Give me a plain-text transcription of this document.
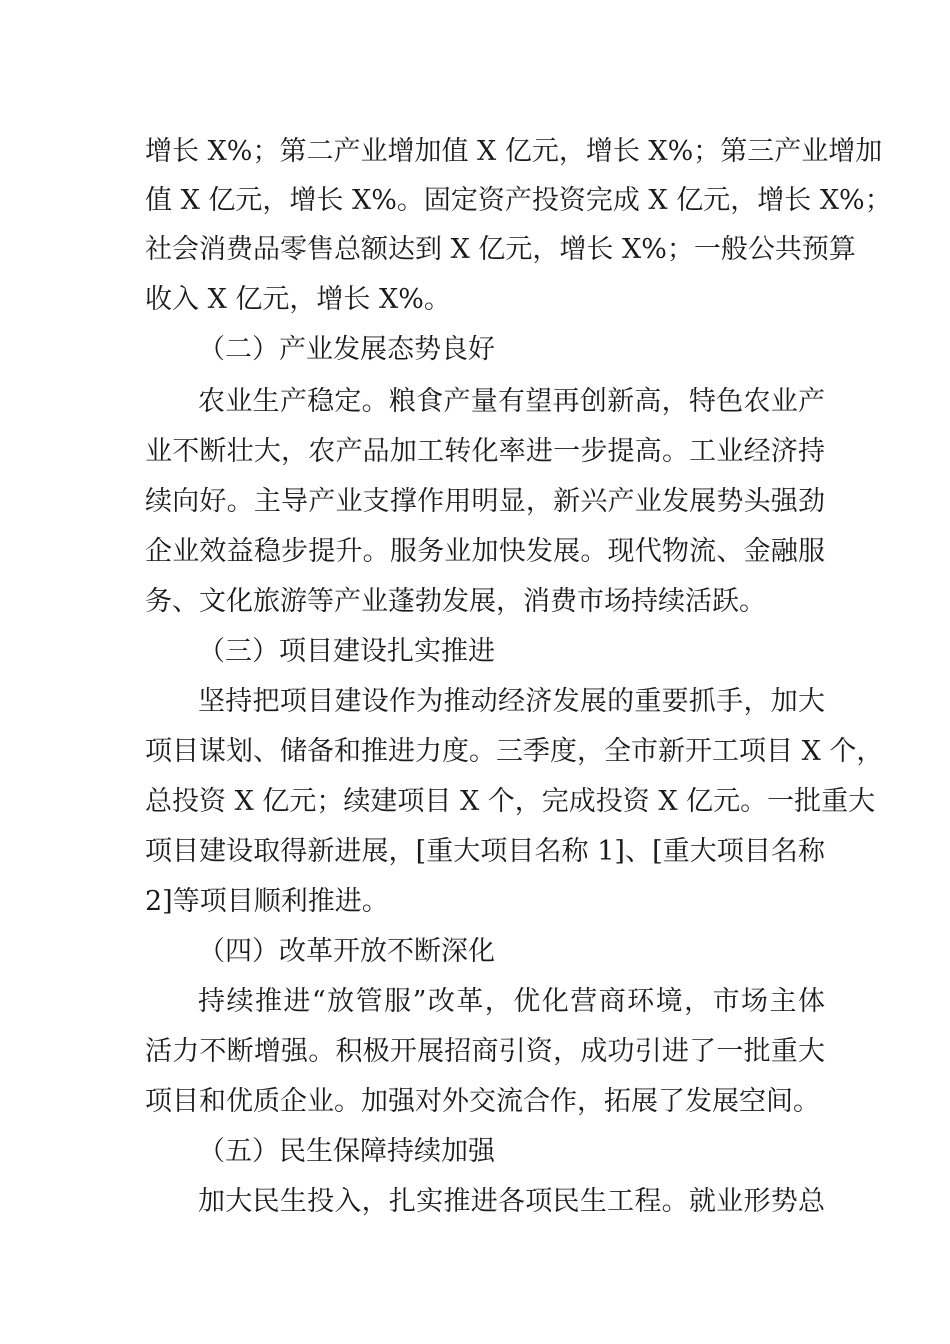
增长 X%；第二产业增加值 X 亿元，增长 X%；第三产业增加
值 X 亿元，增长 X%。固定资产投资完成 X 亿元，增长 X%；
社会消费品零售总额达到 X 亿元，增长 X%；一般公共预算
收入 X 亿元，增长 X%。
（二）产业发展态势良好
农业生产稳定。粮食产量有望再创新高，特色农业产
业不断壮大，农产品加工转化率进一步提高。工业经济持
续向好。主导产业支撑作用明显，新兴产业发展势头强劲
企业效益稳步提升。服务业加快发展。现代物流、金融服
务、文化旅游等产业蓬勃发展，消费市场持续活跃。
（三）项目建设扎实推进
坚持把项目建设作为推动经济发展的重要抓手，加大
项目谋划、储备和推进力度。三季度，全市新开工项目 X 个，
总投资 X 亿元；续建项目 X 个，完成投资 X 亿元。一批重大
项目建设取得新进展，[重大项目名称 1]、[重大项目名称
2]等项目顺利推进。
（四）改革开放不断深化
持续推进“放管服”改革，优化营商环境，市场主体
活力不断增强。积极开展招商引资，成功引进了一批重大
项目和优质企业。加强对外交流合作，拓展了发展空间。
（五）民生保障持续加强
加大民生投入，扎实推进各项民生工程。就业形势总
